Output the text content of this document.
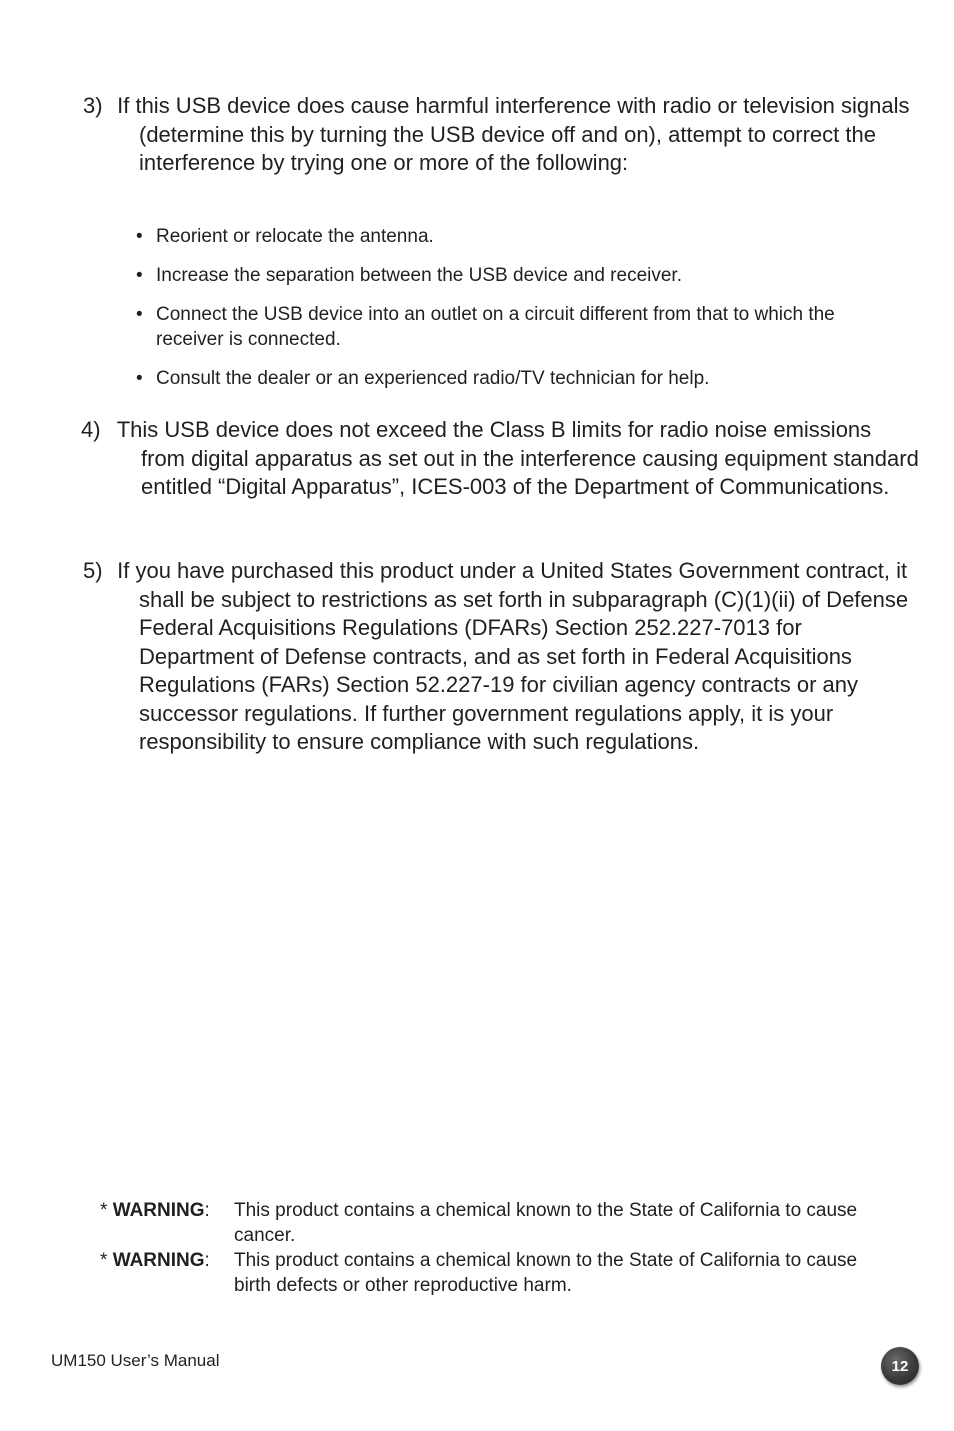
3) If this USB device does cause harmful interference with radio or television signals (determine this by turning the USB device off and on), attempt to correct the interference by trying one or more of the following:

• Reorient or relocate the antenna.
• Increase the separation between the USB device and receiver.
• Connect the USB device into an outlet on a circuit different from that to which the receiver is connected.
• Consult the dealer or an experienced radio/TV technician for help.

4) This USB device does not exceed the Class B limits for radio noise emissions from digital apparatus as set out in the interference causing equipment standard entitled “Digital Apparatus”, ICES-003 of the Department of Communications.

5) If you have purchased this product under a United States Government contract, it shall be subject to restrictions as set forth in subparagraph (C)(1)(ii) of Defense Federal Acquisitions Regulations (DFARs) Section 252.227-7013 for Department of Defense contracts, and as set forth in Federal Acquisitions Regulations (FARs) Section 52.227-19 for civilian agency contracts or any successor regulations. If further government regulations apply, it is your responsibility to ensure compliance with such regulations.

* WARNING: This product contains a chemical known to the State of California to cause cancer.
* WARNING: This product contains a chemical known to the State of California to cause birth defects or other reproductive harm.
UM150 User’s Manual	12
